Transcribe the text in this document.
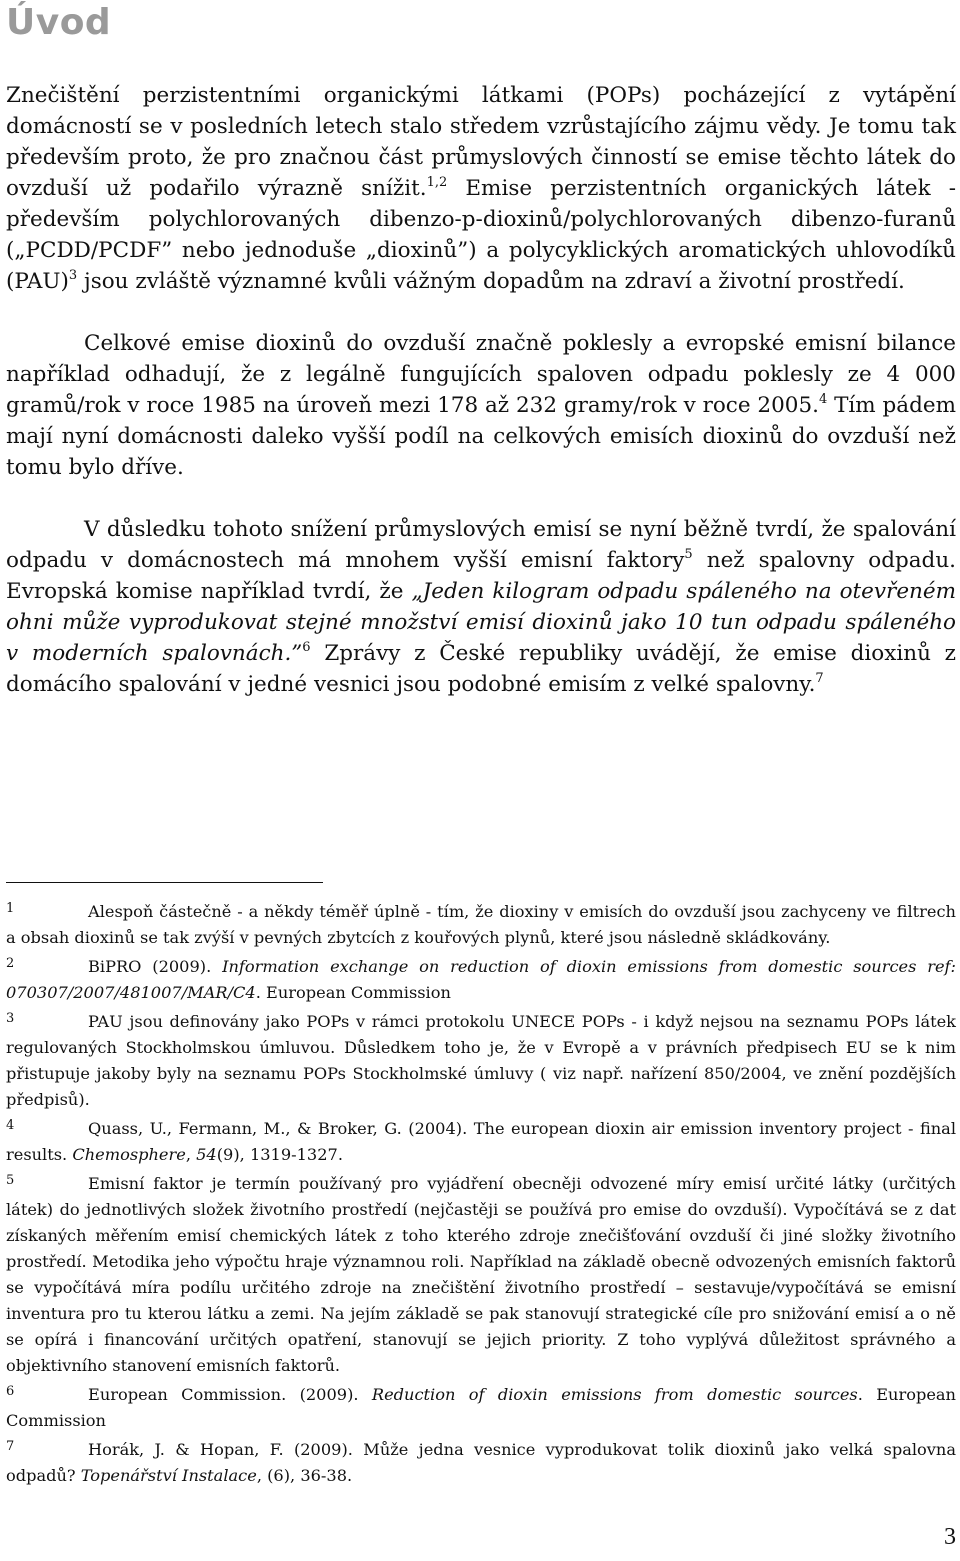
Úvod

Znečištění perzistentními organickými látkami (POPs) pocházející z vytápění domácností se v posledních letech stalo středem vzrůstajícího zájmu vědy. Je tomu tak především proto, že pro značnou část průmyslových činností se emise těchto látek do ovzduší už podařilo výrazně snížit.$^{1,2}$ Emise perzistentních organických látek - především polychlorovaných dibenzo-p-dioxinů/polychlorovaných dibenzo-furanů („PCDD/PCDF” nebo jednoduše „dioxinů”) a polycyklických aromatických uhlovodíků (PAU)$^3$ jsou zvláště významné kvůli vážným dopadům na zdraví a životní prostředí.

Celkové emise dioxinů do ovzduší značně poklesly a evropské emisní bilance například odhadují, že z legálně fungujících spaloven odpadu poklesly ze 4 000 gramů/rok v roce 1985 na úroveň mezi 178 až 232 gramy/rok v roce 2005.$^4$ Tím pádem mají nyní domácnosti daleko vyšší podíl na celkových emisích dioxinů do ovzduší než tomu bylo dříve.

V důsledku tohoto snížení průmyslových emisí se nyní běžně tvrdí, že spalování odpadu v domácnostech má mnohem vyšší emisní faktory$^5$ než spalovny odpadu. Evropská komise například tvrdí, že „Jeden kilogram odpadu spáleného na otevřeném ohni může vyprodukovat stejné množství emisí dioxinů jako 10 tun odpadu spáleného v moderních spalovnách.”$^6$ Zprávy z České republiky uvádějí, že emise dioxinů z domácího spalování v jedné vesnici jsou podobné emisím z velké spalovny.$^7$

1	Alespoň částečně - a někdy téměř úplně - tím, že dioxiny v emisích do ovzduší jsou zachyceny ve filtrech a obsah dioxinů se tak zvýší v pevných zbytcích z kouřových plynů, které jsou následně skládkovány.

2	BiPRO (2009). Information exchange on reduction of dioxin emissions from domestic sources ref: 070307/2007/481007/MAR/C4. European Commission

3	PAU jsou definovány jako POPs v rámci protokolu UNECE POPs - i když nejsou na seznamu POPs látek regulovaných Stockholmskou úmluvou. Důsledkem toho je, že v Evropě a v právních předpisech EU se k nim přistupuje jakoby byly na seznamu POPs Stockholmské úmluvy ( viz např. nařízení 850/2004, ve znění pozdějších předpisů).

4	Quass, U., Fermann, M., & Broker, G. (2004). The european dioxin air emission inventory project - final results. Chemosphere, 54(9), 1319-1327.

5	Emisní faktor je termín používaný pro vyjádření obecněji odvozené míry emisí určité látky (určitých látek) do jednotlivých složek životního prostředí (nejčastěji se používá pro emise do ovzduší). Vypočítává se z dat získaných měřením emisí chemických látek z toho kterého zdroje znečišťování ovzduší či jiné složky životního prostředí. Metodika jeho výpočtu hraje významnou roli. Například na základě obecně odvozených emisních faktorů se vypočítává míra podílu určitého zdroje na znečištění životního prostředí – sestavuje/vypočítává se emisní inventura pro tu kterou látku a zemi. Na jejím základě se pak stanovují strategické cíle pro snižování emisí a o ně se opírá i financování určitých opatření, stanovují se jejich priority. Z toho vyplývá důležitost správného a objektivního stanovení emisních faktorů.

6	European Commission. (2009). Reduction of dioxin emissions from domestic sources. European Commission

7	Horák, J. & Hopan, F. (2009). Může jedna vesnice vyprodukovat tolik dioxinů jako velká spalovna odpadů? Topenářství Instalace, (6), 36-38.

3
